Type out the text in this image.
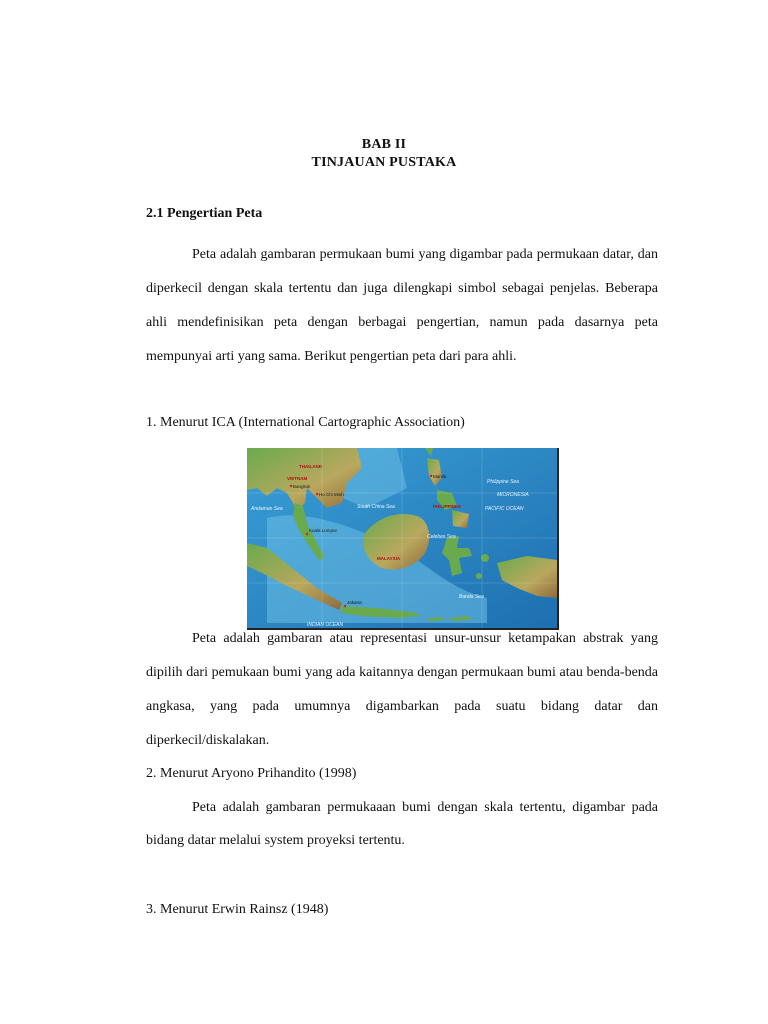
BAB II
TINJAUAN PUSTAKA
2.1 Pengertian Peta
Peta adalah gambaran permukaan bumi yang digambar pada permukaan datar, dan diperkecil dengan skala tertentu dan juga dilengkapi simbol sebagai penjelas. Beberapa ahli mendefinisikan peta dengan berbagai pengertian, namun pada dasarnya peta mempunyai arti yang sama. Berikut pengertian peta dari para ahli.
1. Menurut ICA (International Cartographic Association)
THAILAND
VIETNAM
PHILIPPINES
MALAYSIA
PACIFIC OCEAN
INDIAN OCEAN
South China Sea
Philippine Sea
Andaman Sea
Celebes Sea
Banda Sea
MICRONESIA
Kuala Lumpur
Jakarta
Manila
Bangkok
Ho Chi Minh
Peta adalah gambaran atau representasi unsur-unsur ketampakan abstrak yang dipilih dari pemukaan bumi yang ada kaitannya dengan permukaan bumi atau benda-benda angkasa, yang pada umumnya digambarkan pada suatu bidang datar dan diperkecil/diskalakan.
2. Menurut Aryono Prihandito (1998)
Peta adalah gambaran permukaaan bumi dengan skala tertentu, digambar pada bidang datar melalui system proyeksi tertentu.
3. Menurut Erwin Rainsz (1948)
